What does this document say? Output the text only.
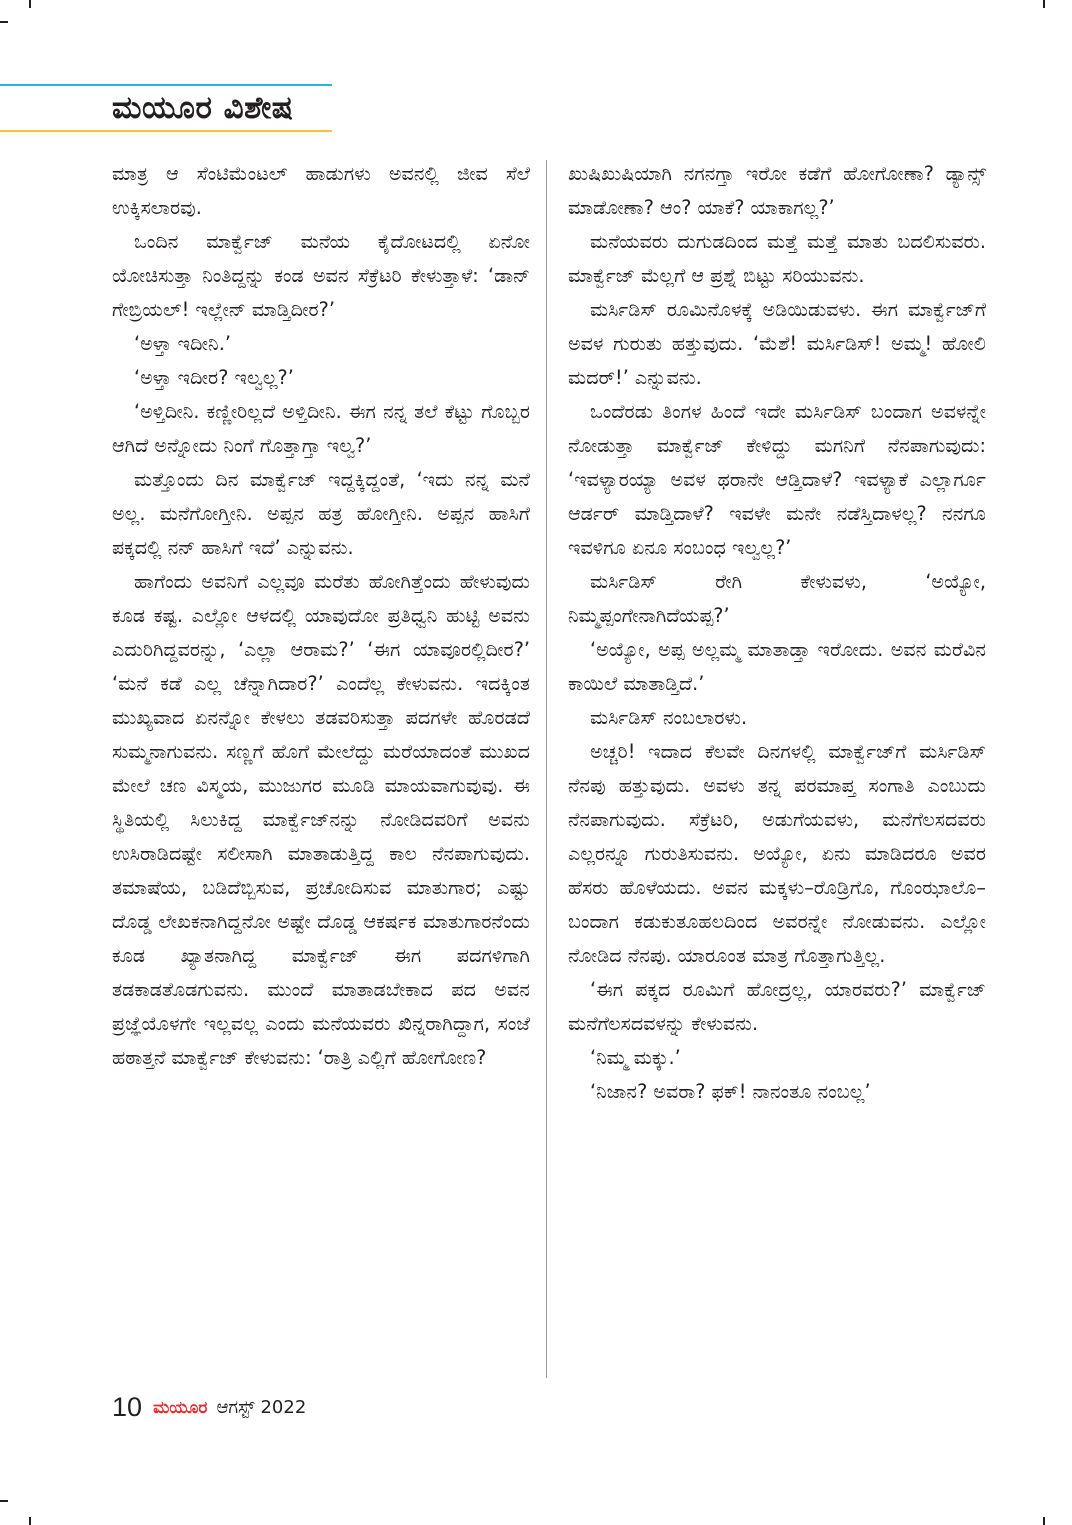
ಮಯೂರ ವಿಶೇಷ

ಮಾತ್ರ ಆ ಸೆಂಟಿಮೆಂಟಲ್ ಹಾಡುಗಳು ಅವನಲ್ಲಿ ಜೀವ ಸೆಲೆ ಉಕ್ಕಿಸಲಾರವು.

ಒಂದಿನ ಮಾರ್ಕ್ವೆಜ್ ಮನೆಯ ಕೈದೋಟದಲ್ಲಿ ಏನೋ ಯೋಚಿಸುತ್ತಾ ನಿಂತಿದ್ದನ್ನು ಕಂಡ ಅವನ ಸೆಕ್ರೆಟರಿ ಕೇಳುತ್ತಾಳೆ: ‘ಡಾನ್ ಗೇಬ್ರಿಯಲ್! ಇಲ್ಲೇನ್ ಮಾಡ್ತಿದೀರ?’

‘ಅಳ್ತಾ ಇದೀನಿ.’

‘ಅಳ್ತಾ ಇದೀರ? ಇಲ್ವಲ್ಲ?’

‘ಅಳ್ತಿದೀನಿ. ಕಣ್ಣೀರಿಲ್ಲದೆ ಅಳ್ತಿದೀನಿ. ಈಗ ನನ್ನ ತಲೆ ಕೆಟ್ಟು ಗೊಬ್ಬರ ಆಗಿದೆ ಅನ್ನೋದು ನಿಂಗೆ ಗೊತ್ತಾಗ್ತಾ ಇಲ್ವ?’

ಮತ್ತೊಂದು ದಿನ ಮಾರ್ಕ್ವೆಜ್ ಇದ್ದಕ್ಕಿದ್ದಂತೆ, ‘ಇದು ನನ್ನ ಮನೆ ಅಲ್ಲ. ಮನೆಗೋಗ್ತೀನಿ. ಅಪ್ಪನ ಹತ್ರ ಹೋಗ್ತೀನಿ. ಅಪ್ಪನ ಹಾಸಿಗೆ ಪಕ್ಕದಲ್ಲಿ ನನ್ ಹಾಸಿಗೆ ಇದೆ’ ಎನ್ನುವನು.

ಹಾಗೆಂದು ಅವನಿಗೆ ಎಲ್ಲವೂ ಮರೆತು ಹೋಗಿತ್ತೆಂದು ಹೇಳುವುದು ಕೂಡ ಕಷ್ಟ. ಎಲ್ಲೋ ಆಳದಲ್ಲಿ ಯಾವುದೋ ಪ್ರತಿಧ್ವನಿ ಹುಟ್ಟಿ ಅವನು ಎದುರಿಗಿದ್ದವರನ್ನು, ‘ಎಲ್ಲಾ ಆರಾಮ?’ ‘ಈಗ ಯಾವೂರಲ್ಲಿದೀರ?’ ‘ಮನೆ ಕಡೆ ಎಲ್ಲ ಚೆನ್ನಾಗಿದಾರ?’ ಎಂದೆಲ್ಲ ಕೇಳುವನು. ಇದಕ್ಕಿಂತ ಮುಖ್ಯವಾದ ಏನನ್ನೋ ಕೇಳಲು ತಡವರಿಸುತ್ತಾ ಪದಗಳೇ ಹೊರಡದೆ ಸುಮ್ಮನಾಗುವನು. ಸಣ್ಣಗೆ ಹೊಗೆ ಮೇಲೆದ್ದು ಮರೆಯಾದಂತೆ ಮುಖದ ಮೇಲೆ ಚಣ ವಿಸ್ಮಯ, ಮುಜುಗರ ಮೂಡಿ ಮಾಯವಾಗುವುವು. ಈ ಸ್ಥಿತಿಯಲ್ಲಿ ಸಿಲುಕಿದ್ದ ಮಾರ್ಕ್ವೆಜ್‌ನನ್ನು ನೋಡಿದವರಿಗೆ ಅವನು ಉಸಿರಾಡಿದಷ್ಟೇ ಸಲೀಸಾಗಿ ಮಾತಾಡುತ್ತಿದ್ದ ಕಾಲ ನೆನಪಾಗುವುದು. ತಮಾಷೆಯ, ಬಡಿದೆಬ್ಬಿಸುವ, ಪ್ರಚೋದಿಸುವ ಮಾತುಗಾರ; ಎಷ್ಟು ದೊಡ್ಡ ಲೇಖಕನಾಗಿದ್ದನೋ ಅಷ್ಟೇ ದೊಡ್ಡ ಆಕರ್ಷಕ ಮಾತುಗಾರನೆಂದು ಕೂಡ ಖ್ಯಾತನಾಗಿದ್ದ ಮಾರ್ಕ್ವೆಜ್ ಈಗ ಪದಗಳಿಗಾಗಿ ತಡಕಾಡತೊಡಗುವನು. ಮುಂದೆ ಮಾತಾಡಬೇಕಾದ ಪದ ಅವನ ಪ್ರಜ್ಞೆಯೊಳಗೇ ಇಲ್ಲವಲ್ಲ ಎಂದು ಮನೆಯವರು ಖಿನ್ನರಾಗಿದ್ದಾಗ, ಸಂಜೆ ಹಠಾತ್ತನೆ ಮಾರ್ಕ್ವೆಜ್ ಕೇಳುವನು: ‘ರಾತ್ರಿ ಎಲ್ಲಿಗೆ ಹೋಗೋಣ?

ಖುಷಿಖುಷಿಯಾಗಿ ನಗನಗ್ತಾ ಇರೋ ಕಡೆಗೆ ಹೋಗೋಣಾ? ಡ್ಯಾನ್ಸ್ ಮಾಡೋಣಾ? ಆಂ? ಯಾಕೆ? ಯಾಕಾಗಲ್ಲ?’

ಮನೆಯವರು ದುಗುಡದಿಂದ ಮತ್ತೆ ಮತ್ತೆ ಮಾತು ಬದಲಿಸುವರು. ಮಾರ್ಕ್ವೆಜ್ ಮೆಲ್ಲಗೆ ಆ ಪ್ರಶ್ನೆ ಬಿಟ್ಟು ಸರಿಯುವನು.

ಮರ್ಸಿಡಿಸ್ ರೂಮಿನೊಳಕ್ಕೆ ಅಡಿಯಿಡುವಳು. ಈಗ ಮಾರ್ಕ್ವೆಜ್‌ಗೆ ಅವಳ ಗುರುತು ಹತ್ತುವುದು. ‘ಮೆಶೆ! ಮರ್ಸಿಡಿಸ್! ಅಮ್ಮ! ಹೋಲಿ ಮದರ್!’ ಎನ್ನುವನು.

ಒಂದೆರಡು ತಿಂಗಳ ಹಿಂದೆ ಇದೇ ಮರ್ಸಿಡಿಸ್ ಬಂದಾಗ ಅವಳನ್ನೇ ನೋಡುತ್ತಾ ಮಾರ್ಕ್ವೆಜ್ ಕೇಳಿದ್ದು ಮಗನಿಗೆ ನೆನಪಾಗುವುದು: ‘ಇವಳ್ಯಾರಯ್ಯಾ ಅವಳ ಥರಾನೇ ಆಡ್ತಿದಾಳೆ? ಇವಳ್ಯಾಕೆ ಎಲ್ಲಾರ್ಗೂ ಆರ್ಡರ್ ಮಾಡ್ತಿದಾಳೆ? ಇವಳೇ ಮನೇ ನಡೆಸ್ತಿದಾಳಲ್ಲ? ನನಗೂ ಇವಳಿಗೂ ಏನೂ ಸಂಬಂಧ ಇಲ್ವಲ್ಲ?’

ಮರ್ಸಿಡಿಸ್ ರೇಗಿ ಕೇಳುವಳು, ‘ಅಯ್ಯೋ, ನಿಮ್ಮಪ್ಪಂಗೇನಾಗಿದೆಯಪ್ಪ?’

‘ಅಯ್ಯೋ, ಅಪ್ಪ ಅಲ್ಲಮ್ಮ ಮಾತಾಡ್ತಾ ಇರೋದು. ಅವನ ಮರೆವಿನ ಕಾಯಿಲೆ ಮಾತಾಡ್ತಿದೆ.’

ಮರ್ಸಿಡಿಸ್ ನಂಬಲಾರಳು.

ಅಚ್ಚರಿ! ಇದಾದ ಕೆಲವೇ ದಿನಗಳಲ್ಲಿ ಮಾರ್ಕ್ವೆಜ್‌ಗೆ ಮರ್ಸಿಡಿಸ್ ನೆನಪು ಹತ್ತುವುದು. ಅವಳು ತನ್ನ ಪರಮಾಪ್ತ ಸಂಗಾತಿ ಎಂಬುದು ನೆನಪಾಗುವುದು. ಸೆಕ್ರೆಟರಿ, ಅಡುಗೆಯವಳು, ಮನೆಗೆಲಸದವರು ಎಲ್ಲರನ್ನೂ ಗುರುತಿಸುವನು. ಅಯ್ಯೋ, ಏನು ಮಾಡಿದರೂ ಅವರ ಹೆಸರು ಹೊಳೆಯದು. ಅವನ ಮಕ್ಕಳು–ರೊಡ್ರಿಗೊ, ಗೊಂಝಾಲೊ–ಬಂದಾಗ ಕಡುಕುತೂಹಲದಿಂದ ಅವರನ್ನೇ ನೋಡುವನು. ಎಲ್ಲೋ ನೋಡಿದ ನೆನಪು. ಯಾರೂಂತ ಮಾತ್ರ ಗೊತ್ತಾಗುತ್ತಿಲ್ಲ.

‘ಈಗ ಪಕ್ಕದ ರೂಮಿಗೆ ಹೋದ್ರಲ್ಲ, ಯಾರವರು?’ ಮಾರ್ಕ್ವೆಜ್ ಮನೆಗೆಲಸದವಳನ್ನು ಕೇಳುವನು.

‘ನಿಮ್ಮ ಮಕ್ಕು.’

‘ನಿಜಾನ? ಅವರಾ? ಫಕ್! ನಾನಂತೂ ನಂಬಲ್ಲ’

10 ಮಯೂರ ಆಗಸ್ಟ್ 2022
